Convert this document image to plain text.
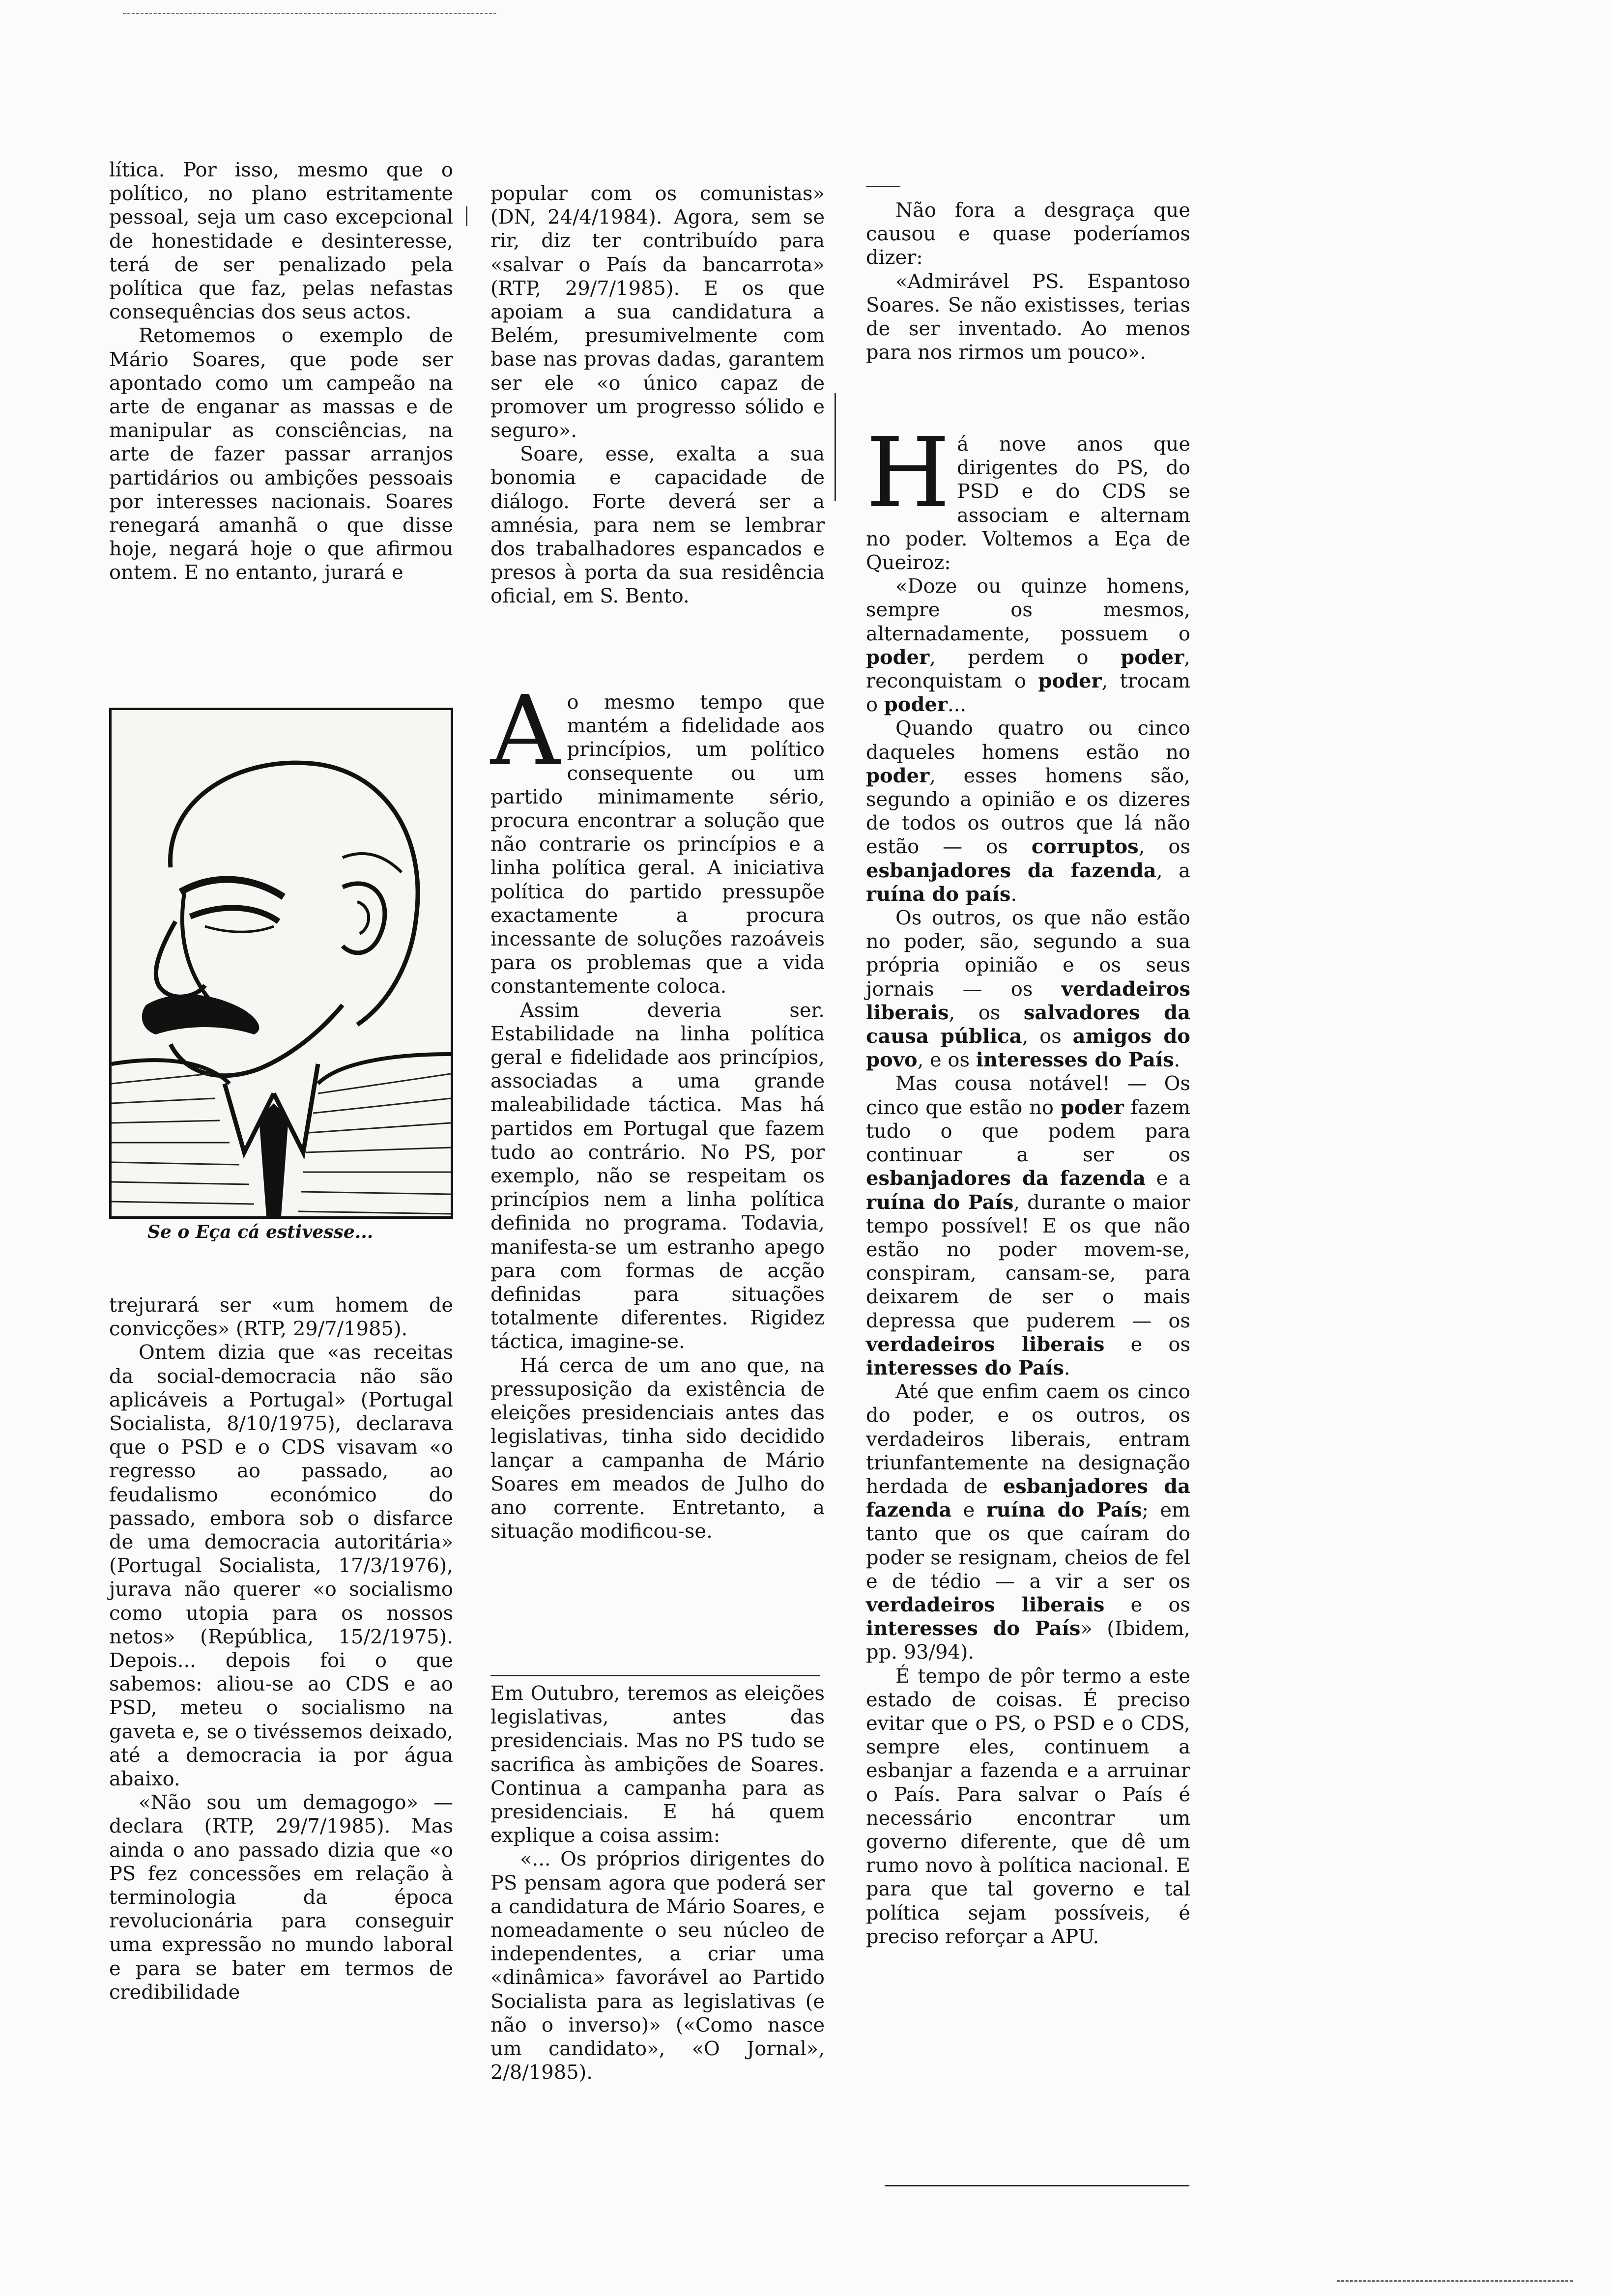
lítica. Por isso, mesmo que o político, no plano estritamente pessoal, seja um caso excepcional de honestidade e desinteresse, terá de ser penalizado pela política que faz, pelas nefastas consequências dos seus actos.

Retomemos o exemplo de Mário Soares, que pode ser apontado como um campeão na arte de enganar as massas e de manipular as consciências, na arte de fazer passar arranjos partidários ou ambições pessoais por interesses nacionais. Soares renegará amanhã o que disse hoje, negará hoje o que afirmou ontem. E no entanto, jurará e

Se o Eça cá estivesse...

trejurará ser «um homem de convicções» (RTP, 29/7/1985).

Ontem dizia que «as receitas da social-democracia não são aplicáveis a Portugal» (Portugal Socialista, 8/10/1975), declarava que o PSD e o CDS visavam «o regresso ao passado, ao feudalismo económico do passado, embora sob o disfarce de uma democracia autoritária» (Portugal Socialista, 17/3/1976), jurava não querer «o socialismo como utopia para os nossos netos» (República, 15/2/1975). Depois... depois foi o que sabemos: aliou-se ao CDS e ao PSD, meteu o socialismo na gaveta e, se o tivéssemos deixado, até a democracia ia por água abaixo.

«Não sou um demagogo» — declara (RTP, 29/7/1985). Mas ainda o ano passado dizia que «o PS fez concessões em relação à terminologia da época revolucionária para conseguir uma expressão no mundo laboral e para se bater em termos de credibilidade

popular com os comunistas» (DN, 24/4/1984). Agora, sem se rir, diz ter contribuído para «salvar o País da bancarrota» (RTP, 29/7/1985). E os que apoiam a sua candidatura a Belém, presumivelmente com base nas provas dadas, garantem ser ele «o único capaz de promover um progresso sólido e seguro».

Soare, esse, exalta a sua bonomia e capacidade de diálogo. Forte deverá ser a amnésia, para nem se lembrar dos trabalhadores espancados e presos à porta da sua residência oficial, em S. Bento.

Ao mesmo tempo que mantém a fidelidade aos princípios, um político consequente ou um partido minimamente sério, procura encontrar a solução que não contrarie os princípios e a linha política geral. A iniciativa política do partido pressupõe exactamente a procura incessante de soluções razoáveis para os problemas que a vida constantemente coloca.

Assim deveria ser. Estabilidade na linha política geral e fidelidade aos princípios, associadas a uma grande maleabilidade táctica. Mas há partidos em Portugal que fazem tudo ao contrário. No PS, por exemplo, não se respeitam os princípios nem a linha política definida no programa. Todavia, manifesta-se um estranho apego para com formas de acção definidas para situações totalmente diferentes. Rigidez táctica, imagine-se.

Há cerca de um ano que, na pressuposição da existência de eleições presidenciais antes das legislativas, tinha sido decidido lançar a campanha de Mário Soares em meados de Julho do ano corrente. Entretanto, a situação modificou-se.

Em Outubro, teremos as eleições legislativas, antes das presidenciais. Mas no PS tudo se sacrifica às ambições de Soares. Continua a campanha para as presidenciais. E há quem explique a coisa assim:

«... Os próprios dirigentes do PS pensam agora que poderá ser a candidatura de Mário Soares, e nomeadamente o seu núcleo de independentes, a criar uma «dinâmica» favorável ao Partido Socialista para as legislativas (e não o inverso)» («Como nasce um candidato», «O Jornal», 2/8/1985).

Não fora a desgraça que causou e quase poderíamos dizer:

«Admirável PS. Espantoso Soares. Se não existisses, terias de ser inventado. Ao menos para nos rirmos um pouco».

Há nove anos que dirigentes do PS, do PSD e do CDS se associam e alternam no poder. Voltemos a Eça de Queiroz:

«Doze ou quinze homens, sempre os mesmos, alternadamente, possuem o poder, perdem o poder, reconquistam o poder, trocam o poder...

Quando quatro ou cinco daqueles homens estão no poder, esses homens são, segundo a opinião e os dizeres de todos os outros que lá não estão — os corruptos, os esbanjadores da fazenda, a ruína do país.

Os outros, os que não estão no poder, são, segundo a sua própria opinião e os seus jornais — os verdadeiros liberais, os salvadores da causa pública, os amigos do povo, e os interesses do País.

Mas cousa notável! — Os cinco que estão no poder fazem tudo o que podem para continuar a ser os esbanjadores da fazenda e a ruína do País, durante o maior tempo possível! E os que não estão no poder movem-se, conspiram, cansam-se, para deixarem de ser o mais depressa que puderem — os verdadeiros liberais e os interesses do País.

Até que enfim caem os cinco do poder, e os outros, os verdadeiros liberais, entram triunfantemente na designação herdada de esbanjadores da fazenda e ruína do País; em tanto que os que caíram do poder se resignam, cheios de fel e de tédio — a vir a ser os verdadeiros liberais e os interesses do País» (Ibidem, pp. 93/94).

É tempo de pôr termo a este estado de coisas. É preciso evitar que o PS, o PSD e o CDS, sempre eles, continuem a esbanjar a fazenda e a arruinar o País. Para salvar o País é necessário encontrar um governo diferente, que dê um rumo novo à política nacional. E para que tal governo e tal política sejam possíveis, é preciso reforçar a APU.
